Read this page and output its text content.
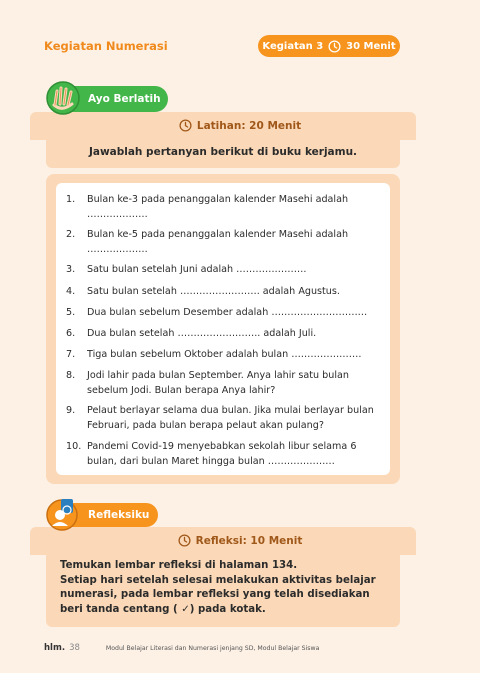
Kegiatan Numerasi	Kegiatan 3 30 Menit
Ayo Berlatih
Latihan: 20 Menit
Jawablah pertanyan berikut di buku kerjamu.
1.	Bulan ke-3 pada penanggalan kalender Masehi adalah ……………….
2.	Bulan ke-5 pada penanggalan kalender Masehi adalah ……………….
3.	Satu bulan setelah Juni adalah ………………….
4.	Satu bulan setelah ……………………. adalah Agustus.
5.	Dua bulan sebelum Desember adalah …………………………
6.	Dua bulan setelah …………………….. adalah Juli.
7.	Tiga bulan sebelum Oktober adalah bulan ………………….
8.	Jodi lahir pada bulan September. Anya lahir satu bulan sebelum Jodi. Bulan berapa Anya lahir?
9.	Pelaut berlayar selama dua bulan. Jika mulai berlayar bulan Februari, pada bulan berapa pelaut akan pulang?
10. Pandemi Covid-19 menyebabkan sekolah libur selama 6 bulan, dari bulan Maret hingga bulan …………………
Refleksiku
Refleksi: 10 Menit
Temukan lembar refleksi di halaman 134.
Setiap hari setelah selesai melakukan aktivitas belajar numerasi, pada lembar refleksi yang telah disediakan beri tanda centang ( ✓) pada kotak.
hlm. 38	Modul Belajar Literasi dan Numerasi jenjang SD, Modul Belajar Siswa
